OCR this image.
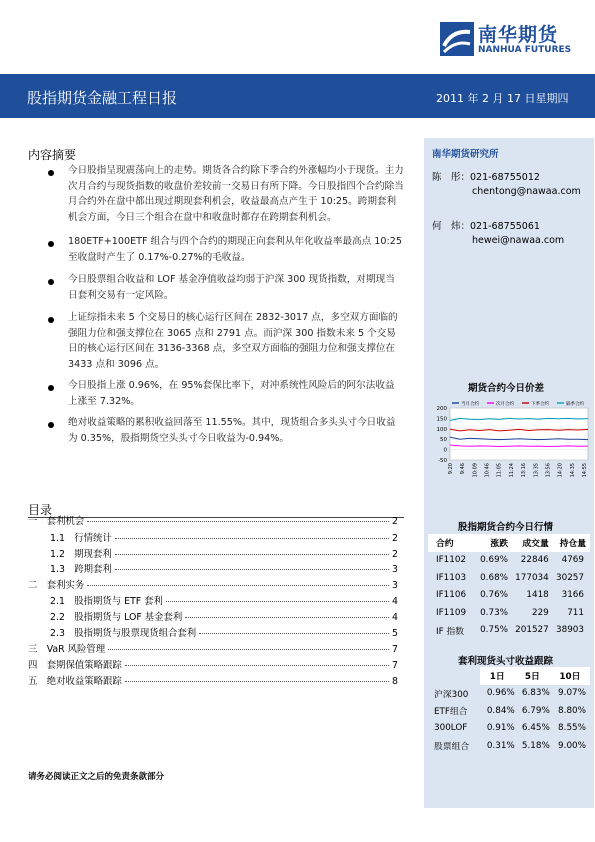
南华期货
NANHUA FUTURES
股指期货金融工程日报	2011 年 2 月 17 日星期四
南华期货研究所
陈　彤：021-68755012
chentong@nawaa.com
何　炜：021-68755061
hewei@nawaa.com
期货合约今日价差
200
150
100
50
0
-50
当月合约	次月合约	下季合约	隔季合约
9:20 9:46 10:09 10:46 11:05 11:24 13:16 13:35 13:56 14:20 14:35 14:55
内容摘要
今日股指呈现震荡向上的走势。期货各合约除下季合约外涨幅均小于现货。主力次月合约与现货指数的收盘价差较前一交易日有所下降。今日股指四个合约除当月合约外在盘中都出现过期现套利机会，收益最高点产生于 10:25。跨期套利机会方面，今日三个组合在盘中和收盘时都存在跨期套利机会。
180ETF+100ETF 组合与四个合约的期现正向套利从年化收益率最高点 10:25 至收盘时产生了 0.17%-0.27%的毛收益。
今日股票组合收益和 LOF 基金净值收益均弱于沪深 300 现货指数，对期现当日套利交易有一定风险。
上证综指未来 5 个交易日的核心运行区间在 2832-3017 点，多空双方面临的强阻力位和强支撑位在 3065 点和 2791 点。而沪深 300 指数未来 5 个交易日的核心运行区间在 3136-3368 点，多空双方面临的强阻力位和强支撑位在 3433 点和 3096 点。
今日股指上涨 0.96%，在 95%套保比率下，对冲系统性风险后的阿尔法收益上涨至 7.32%。
绝对收益策略的累积收益回落至 11.55%。其中，现货组合多头头寸今日收益为 0.35%，股指期货空头头寸今日收益为-0.94%。
目录
一　套利机会	2
1.1　行情统计	2
1.2　期现套利	2
1.3　跨期套利	3
二　套利实务	3
2.1　股指期货与 ETF 套利	4
2.2　股指期货与 LOF 基金套利	4
2.3　股指期货与股票现货组合套利	5
三　VaR 风险管理	7
四　套期保值策略跟踪	7
五　绝对收益策略跟踪	8
股指期货合约今日行情
合约	涨跌	成交量	持仓量
IF1102	0.69%	22846	4769
IF1103	0.68%	177034	30257
IF1106	0.76%	1418	3166
IF1109	0.73%	229	711
IF 指数	0.75%	201527	38903
套利现货头寸收益跟踪
	1日	5日	10日
沪深300	0.96%	6.83%	9.07%
ETF组合	0.84%	6.79%	8.80%
300LOF	0.91%	6.45%	8.55%
股票组合	0.31%	5.18%	9.00%
请务必阅读正文之后的免责条款部分
